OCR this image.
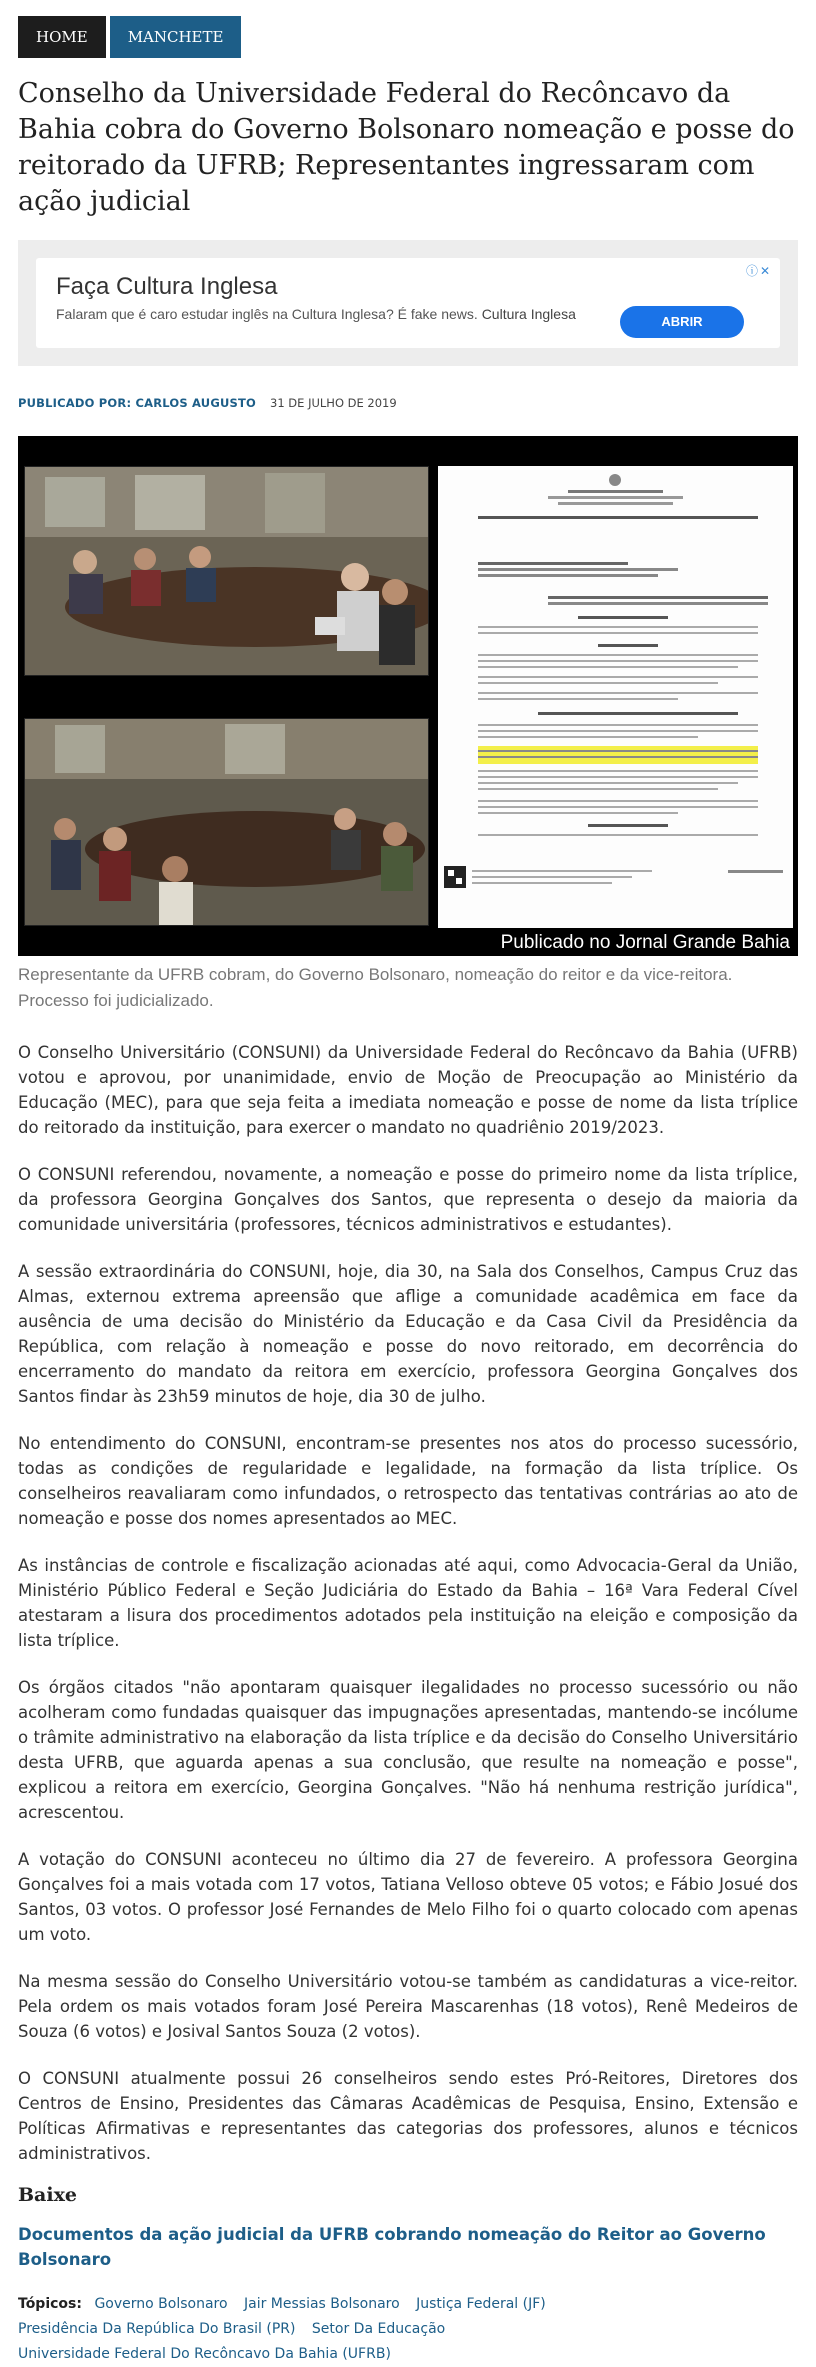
HOME	MANCHETE
Conselho da Universidade Federal do Recôncavo da Bahia cobra do Governo Bolsonaro nomeação e posse do reitorado da UFRB; Representantes ingressaram com ação judicial
ⓘ✕
Faça Cultura Inglesa
Falaram que é caro estudar inglês na Cultura Inglesa? É fake news. Cultura Inglesa	ABRIR
PUBLICADO POR: CARLOS AUGUSTO 31 DE JULHO DE 2019
Publicado no Jornal Grande Bahia

Representante da UFRB cobram, do Governo Bolsonaro, nomeação do reitor e da vice-reitora. Processo foi judicializado.

O Conselho Universitário (CONSUNI) da Universidade Federal do Recôncavo da Bahia (UFRB) votou e aprovou, por unanimidade, envio de Moção de Preocupação ao Ministério da Educação (MEC), para que seja feita a imediata nomeação e posse de nome da lista tríplice do reitorado da instituição, para exercer o mandato no quadriênio 2019/2023.

O CONSUNI referendou, novamente, a nomeação e posse do primeiro nome da lista tríplice, da professora Georgina Gonçalves dos Santos, que representa o desejo da maioria da comunidade universitária (professores, técnicos administrativos e estudantes).

A sessão extraordinária do CONSUNI, hoje, dia 30, na Sala dos Conselhos, Campus Cruz das Almas, externou extrema apreensão que aflige a comunidade acadêmica em face da ausência de uma decisão do Ministério da Educação e da Casa Civil da Presidência da República, com relação à nomeação e posse do novo reitorado, em decorrência do encerramento do mandato da reitora em exercício, professora Georgina Gonçalves dos Santos findar às 23h59 minutos de hoje, dia 30 de julho.

No entendimento do CONSUNI, encontram-se presentes nos atos do processo sucessório, todas as condições de regularidade e legalidade, na formação da lista tríplice. Os conselheiros reavaliaram como infundados, o retrospecto das tentativas contrárias ao ato de nomeação e posse dos nomes apresentados ao MEC.

As instâncias de controle e fiscalização acionadas até aqui, como Advocacia-Geral da União, Ministério Público Federal e Seção Judiciária do Estado da Bahia – 16ª Vara Federal Cível atestaram a lisura dos procedimentos adotados pela instituição na eleição e composição da lista tríplice.

Os órgãos citados "não apontaram quaisquer ilegalidades no processo sucessório ou não acolheram como fundadas quaisquer das impugnações apresentadas, mantendo-se incólume o trâmite administrativo na elaboração da lista tríplice e da decisão do Conselho Universitário desta UFRB, que aguarda apenas a sua conclusão, que resulte na nomeação e posse", explicou a reitora em exercício, Georgina Gonçalves. "Não há nenhuma restrição jurídica", acrescentou.

A votação do CONSUNI aconteceu no último dia 27 de fevereiro. A professora Georgina Gonçalves foi a mais votada com 17 votos, Tatiana Velloso obteve 05 votos; e Fábio Josué dos Santos, 03 votos. O professor José Fernandes de Melo Filho foi o quarto colocado com apenas um voto.

Na mesma sessão do Conselho Universitário votou-se também as candidaturas a vice-reitor. Pela ordem os mais votados foram José Pereira Mascarenhas (18 votos), Renê Medeiros de Souza (6 votos) e Josival Santos Souza (2 votos).

O CONSUNI atualmente possui 26 conselheiros sendo estes Pró-Reitores, Diretores dos Centros de Ensino, Presidentes das Câmaras Acadêmicas de Pesquisa, Ensino, Extensão e Políticas Afirmativas e representantes das categorias dos professores, alunos e técnicos administrativos.

Baixe
Documentos da ação judicial da UFRB cobrando nomeação do Reitor ao Governo Bolsonaro
Tópicos: Governo Bolsonaro Jair Messias Bolsonaro Justiça Federal (JF)
Presidência Da República Do Brasil (PR) Setor Da Educação
Universidade Federal Do Recôncavo Da Bahia (UFRB)
